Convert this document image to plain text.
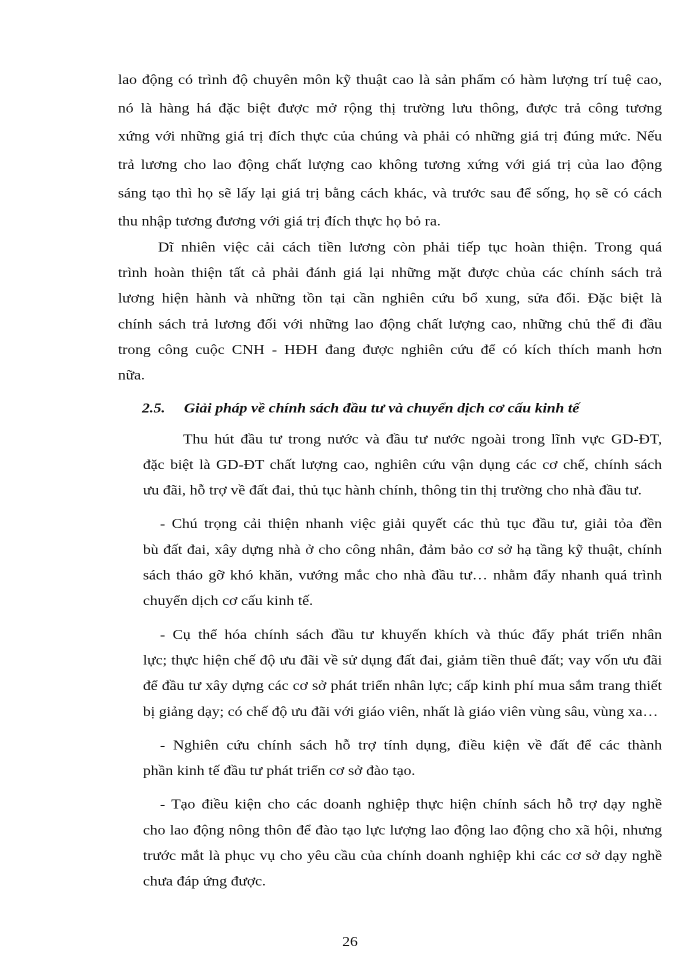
lao động có trình độ chuyên môn kỹ thuật cao là sản phẩm có hàm lượng trí tuệ cao,
nó là hàng há đặc biệt được mở rộng thị trường lưu thông, được trả công tương
xứng với những giá trị đích thực của chúng và phải có những giá trị đúng mức. Nếu
trả lương cho lao động chất lượng cao không tương xứng với giá trị của lao động
sáng tạo thì họ sẽ lấy lại giá trị bằng cách khác, và trước sau để sống, họ sẽ có cách
thu nhập tương đương với giá trị đích thực họ bỏ ra.
Dĩ nhiên việc cải cách tiền lương còn phải tiếp tục hoàn thiện. Trong quá
trình hoàn thiện tất cả phải đánh giá lại những mặt được chủa các chính sách trả
lương hiện hành và những tồn tại cần nghiên cứu bổ xung, sửa đổi. Đặc biệt là
chính sách trả lương đối với những lao động chất lượng cao, những chủ thể đi đầu
trong công cuộc CNH - HĐH đang được nghiên cứu để có kích thích manh hơn
nữa.
2.5. Giải pháp về chính sách đầu tư và chuyển dịch cơ cấu kinh tế
Thu hút đầu tư trong nước và đầu tư nước ngoài trong lĩnh vực GD-ĐT,
đặc biệt là GD-ĐT chất lượng cao, nghiên cứu vận dụng các cơ chế, chính sách
ưu đãi, hỗ trợ về đất đai, thủ tục hành chính, thông tin thị trường cho nhà đầu tư.
- Chú trọng cải thiện nhanh việc giải quyết các thủ tục đầu tư, giải tỏa đền
bù đất đai, xây dựng nhà ở cho công nhân, đảm bảo cơ sở hạ tầng kỹ thuật, chính
sách tháo gỡ khó khăn, vướng mắc cho nhà đầu tư… nhằm đẩy nhanh quá trình
chuyển dịch cơ cấu kinh tế.
- Cụ thể hóa chính sách đầu tư khuyến khích và thúc đẩy phát triển nhân
lực; thực hiện chế độ ưu đãi về sử dụng đất đai, giảm tiền thuê đất; vay vốn ưu đãi
để đầu tư xây dựng các cơ sở phát triển nhân lực; cấp kinh phí mua sắm trang thiết
bị giảng dạy; có chế độ ưu đãi với giáo viên, nhất là giáo viên vùng sâu, vùng xa…
- Nghiên cứu chính sách hỗ trợ tính dụng, điều kiện về đất để các thành
phần kinh tế đầu tư phát triển cơ sở đào tạo.
- Tạo điều kiện cho các doanh nghiệp thực hiện chính sách hỗ trợ dạy nghề
cho lao động nông thôn để đào tạo lực lượng lao động lao động cho xã hội, nhưng
trước mắt là phục vụ cho yêu cầu của chính doanh nghiệp khi các cơ sở dạy nghề
chưa đáp ứng được.
26
